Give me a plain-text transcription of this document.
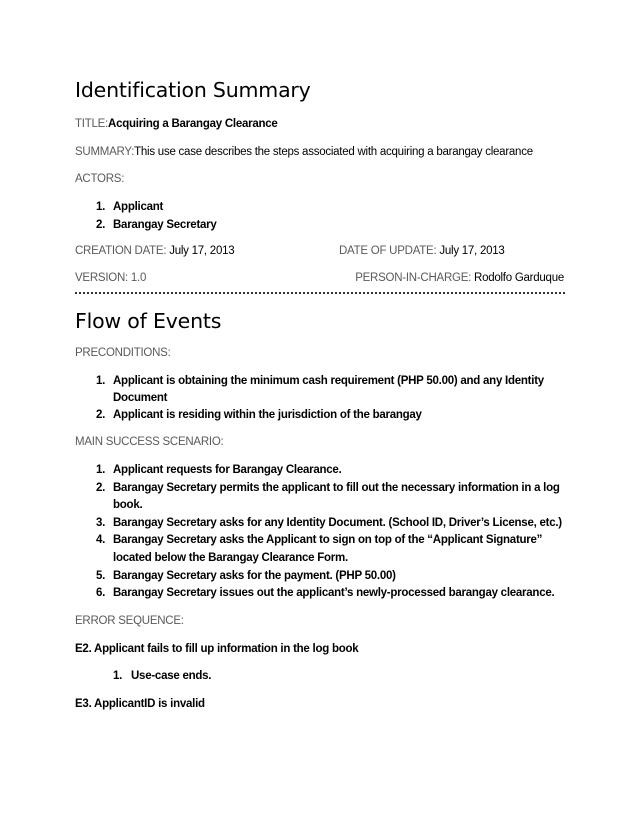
Identification Summary
TITLE:Acquiring a Barangay Clearance
SUMMARY:This use case describes the steps associated with acquiring a barangay clearance
ACTORS:
1. Applicant
2. Barangay Secretary
CREATION DATE: July 17, 2013	DATE OF UPDATE: July 17, 2013
VERSION: 1.0	PERSON-IN-CHARGE: Rodolfo Garduque
Flow of Events
PRECONDITIONS:
1. Applicant is obtaining the minimum cash requirement (PHP 50.00) and any Identity
Document
2. Applicant is residing within the jurisdiction of the barangay
MAIN SUCCESS SCENARIO:
1. Applicant requests for Barangay Clearance.
2. Barangay Secretary permits the applicant to fill out the necessary information in a log
book.
3. Barangay Secretary asks for any Identity Document. (School ID, Driver’s License, etc.)
4. Barangay Secretary asks the Applicant to sign on top of the “Applicant Signature”
located below the Barangay Clearance Form.
5. Barangay Secretary asks for the payment. (PHP 50.00)
6. Barangay Secretary issues out the applicant’s newly-processed barangay clearance.
ERROR SEQUENCE:
E2. Applicant fails to fill up information in the log book
1. Use-case ends.
E3. ApplicantID is invalid
